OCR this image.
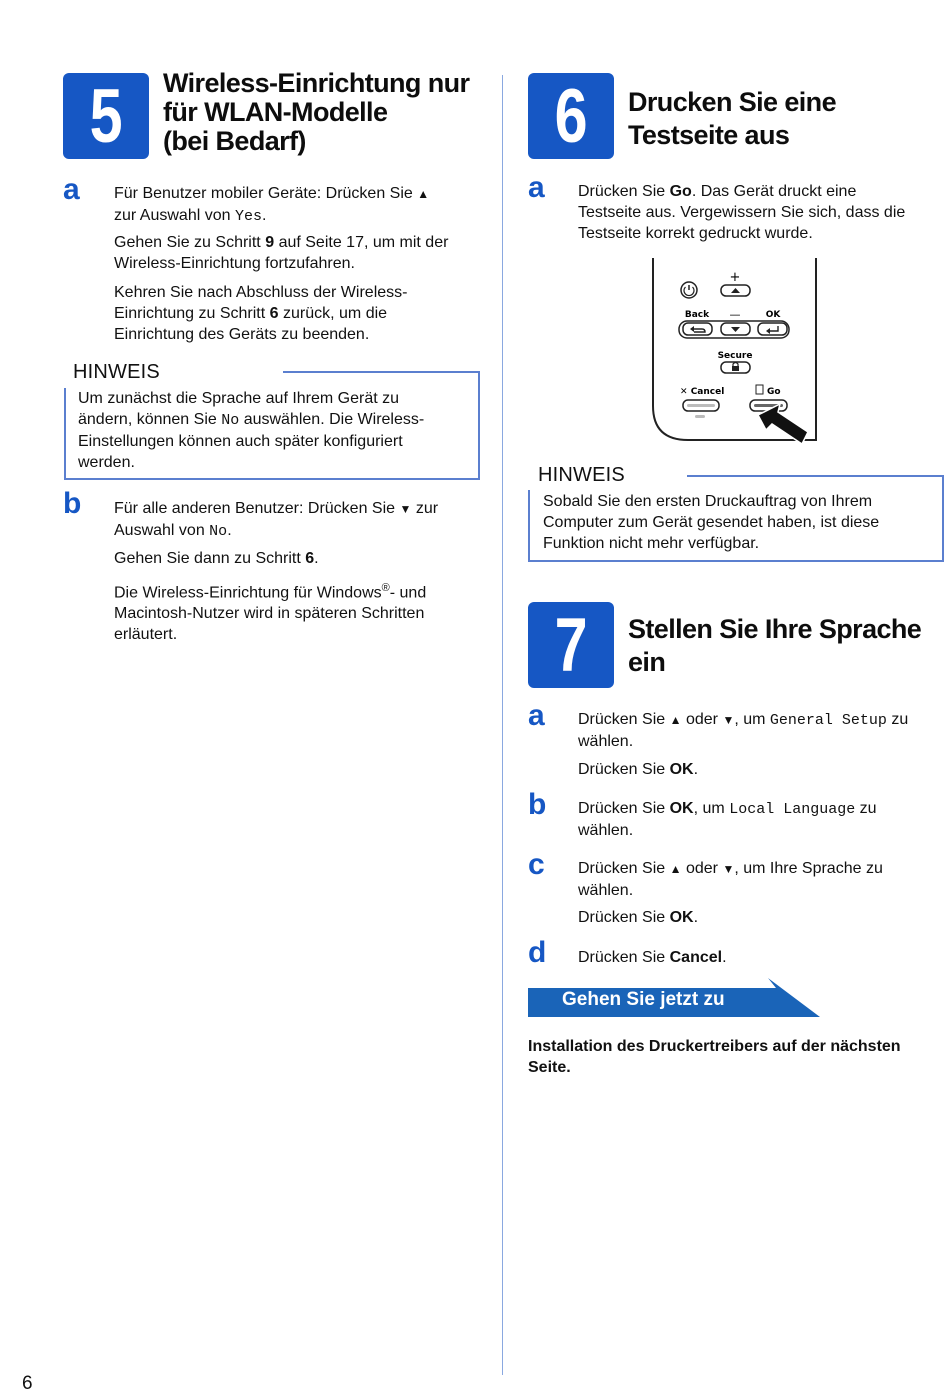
5 Wireless-Einrichtung nur
für WLAN-Modelle
(bei Bedarf)
a Für Benutzer mobiler Geräte: Drücken Sie ▲
zur Auswahl von Yes.
Gehen Sie zu Schritt 9 auf Seite 17, um mit der
Wireless-Einrichtung fortzufahren.
Kehren Sie nach Abschluss der Wireless-
Einrichtung zu Schritt 6 zurück, um die
Einrichtung des Geräts zu beenden.
HINWEIS
Um zunächst die Sprache auf Ihrem Gerät zu
ändern, können Sie No auswählen. Die Wireless-
Einstellungen können auch später konfiguriert
werden.
b Für alle anderen Benutzer: Drücken Sie ▼ zur
Auswahl von No.
Gehen Sie dann zu Schritt 6.
Die Wireless-Einrichtung für Windows®- und
Macintosh-Nutzer wird in späteren Schritten
erläutert.
6 Drucken Sie eine
Testseite aus
a Drücken Sie Go. Das Gerät druckt eine
Testseite aus. Vergewissern Sie sich, dass die
Testseite korrekt gedruckt wurde.
+
Back —	OK
Secure
✕ Cancel	Go
HINWEIS
Sobald Sie den ersten Druckauftrag von Ihrem
Computer zum Gerät gesendet haben, ist diese
Funktion nicht mehr verfügbar.
7 Stellen Sie Ihre Sprache
ein
a Drücken Sie ▲ oder ▼, um General Setup zu
wählen.
Drücken Sie OK.
b Drücken Sie OK, um Local Language zu
wählen.
c Drücken Sie ▲ oder ▼, um Ihre Sprache zu
wählen.
Drücken Sie OK.
d Drücken Sie Cancel.
Gehen Sie jetzt zu
Installation des Druckertreibers auf der nächsten
Seite.
6
